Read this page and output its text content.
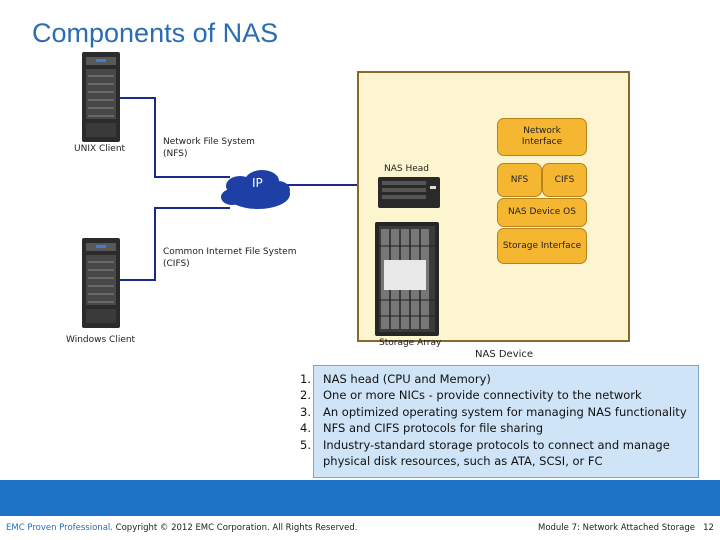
Components of NAS
Network
Interface
NFS	CIFS
NAS Device OS
Storage Interface
UNIX Client
Windows Client
Network File System
(NFS)
Common Internet File System
(CIFS)
IP
NAS Head
Storage Array
NAS Device
1.	NAS head (CPU and Memory)
2.	One or more NICs - provide connectivity to the network
3.	An optimized operating system for managing NAS functionality
4.	NFS and CIFS protocols for file sharing
5.	Industry-standard storage protocols to connect and manage
physical disk resources, such as ATA, SCSI, or FC
EMC Proven Professional. Copyright © 2012 EMC Corporation. All Rights Reserved.	Module 7: Network Attached Storage 12
